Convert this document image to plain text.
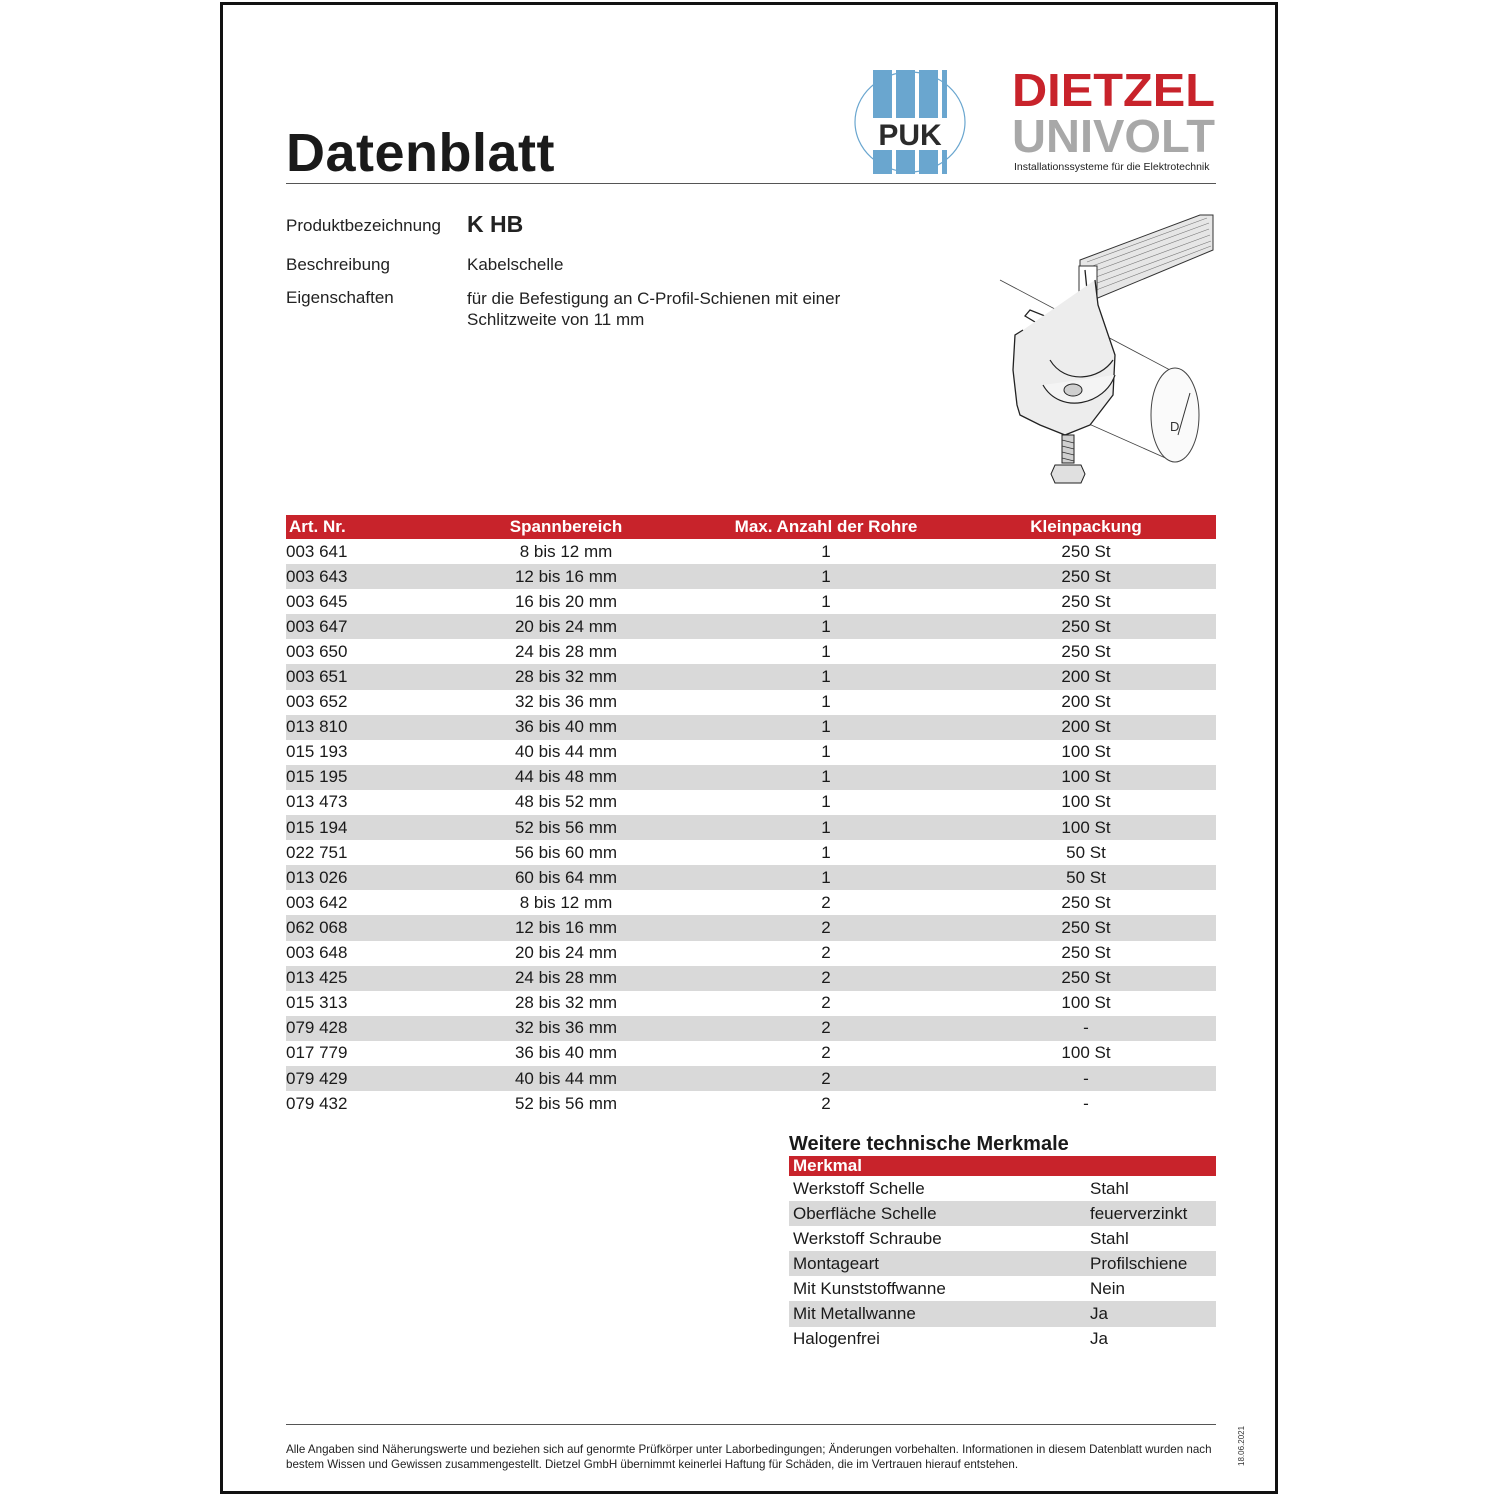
Datenblatt	PUK
DIETZEL
UNIVOLT
Installationssysteme für die Elektrotechnik
Produktbezeichnung K HB
Beschreibung	Kabelschelle
Eigenschaften	für die Befestigung an C-Profil-Schienen mit einer Schlitzweite von 11 mm
D
Art. Nr.	Spannbereich	Max. Anzahl der Rohre	Kleinpackung
003 641	8 bis 12 mm	1	250 St
003 643	12 bis 16 mm	1	250 St
003 645	16 bis 20 mm	1	250 St
003 647	20 bis 24 mm	1	250 St
003 650	24 bis 28 mm	1	250 St
003 651	28 bis 32 mm	1	200 St
003 652	32 bis 36 mm	1	200 St
013 810	36 bis 40 mm	1	200 St
015 193	40 bis 44 mm	1	100 St
015 195	44 bis 48 mm	1	100 St
013 473	48 bis 52 mm	1	100 St
015 194	52 bis 56 mm	1	100 St
022 751	56 bis 60 mm	1	50 St
013 026	60 bis 64 mm	1	50 St
003 642	8 bis 12 mm	2	250 St
062 068	12 bis 16 mm	2	250 St
003 648	20 bis 24 mm	2	250 St
013 425	24 bis 28 mm	2	250 St
015 313	28 bis 32 mm	2	100 St
079 428	32 bis 36 mm	2	-
017 779	36 bis 40 mm	2	100 St
079 429	40 bis 44 mm	2	-
079 432	52 bis 56 mm	2	-
Weitere technische Merkmale
Merkmal
Werkstoff Schelle	Stahl
Oberfläche Schelle	feuerverzinkt
Werkstoff Schraube	Stahl
Montageart	Profilschiene
Mit Kunststoffwanne	Nein
Mit Metallwanne	Ja
Halogenfrei	Ja
Alle Angaben sind Näherungswerte und beziehen sich auf genormte Prüfkörper unter Laborbedingungen; Änderungen vorbehalten. Informationen in diesem Datenblatt wurden nach bestem Wissen und Gewissen zusammengestellt. Dietzel GmbH übernimmt keinerlei Haftung für Schäden, die im Vertrauen hierauf entstehen.	18.06.2021
